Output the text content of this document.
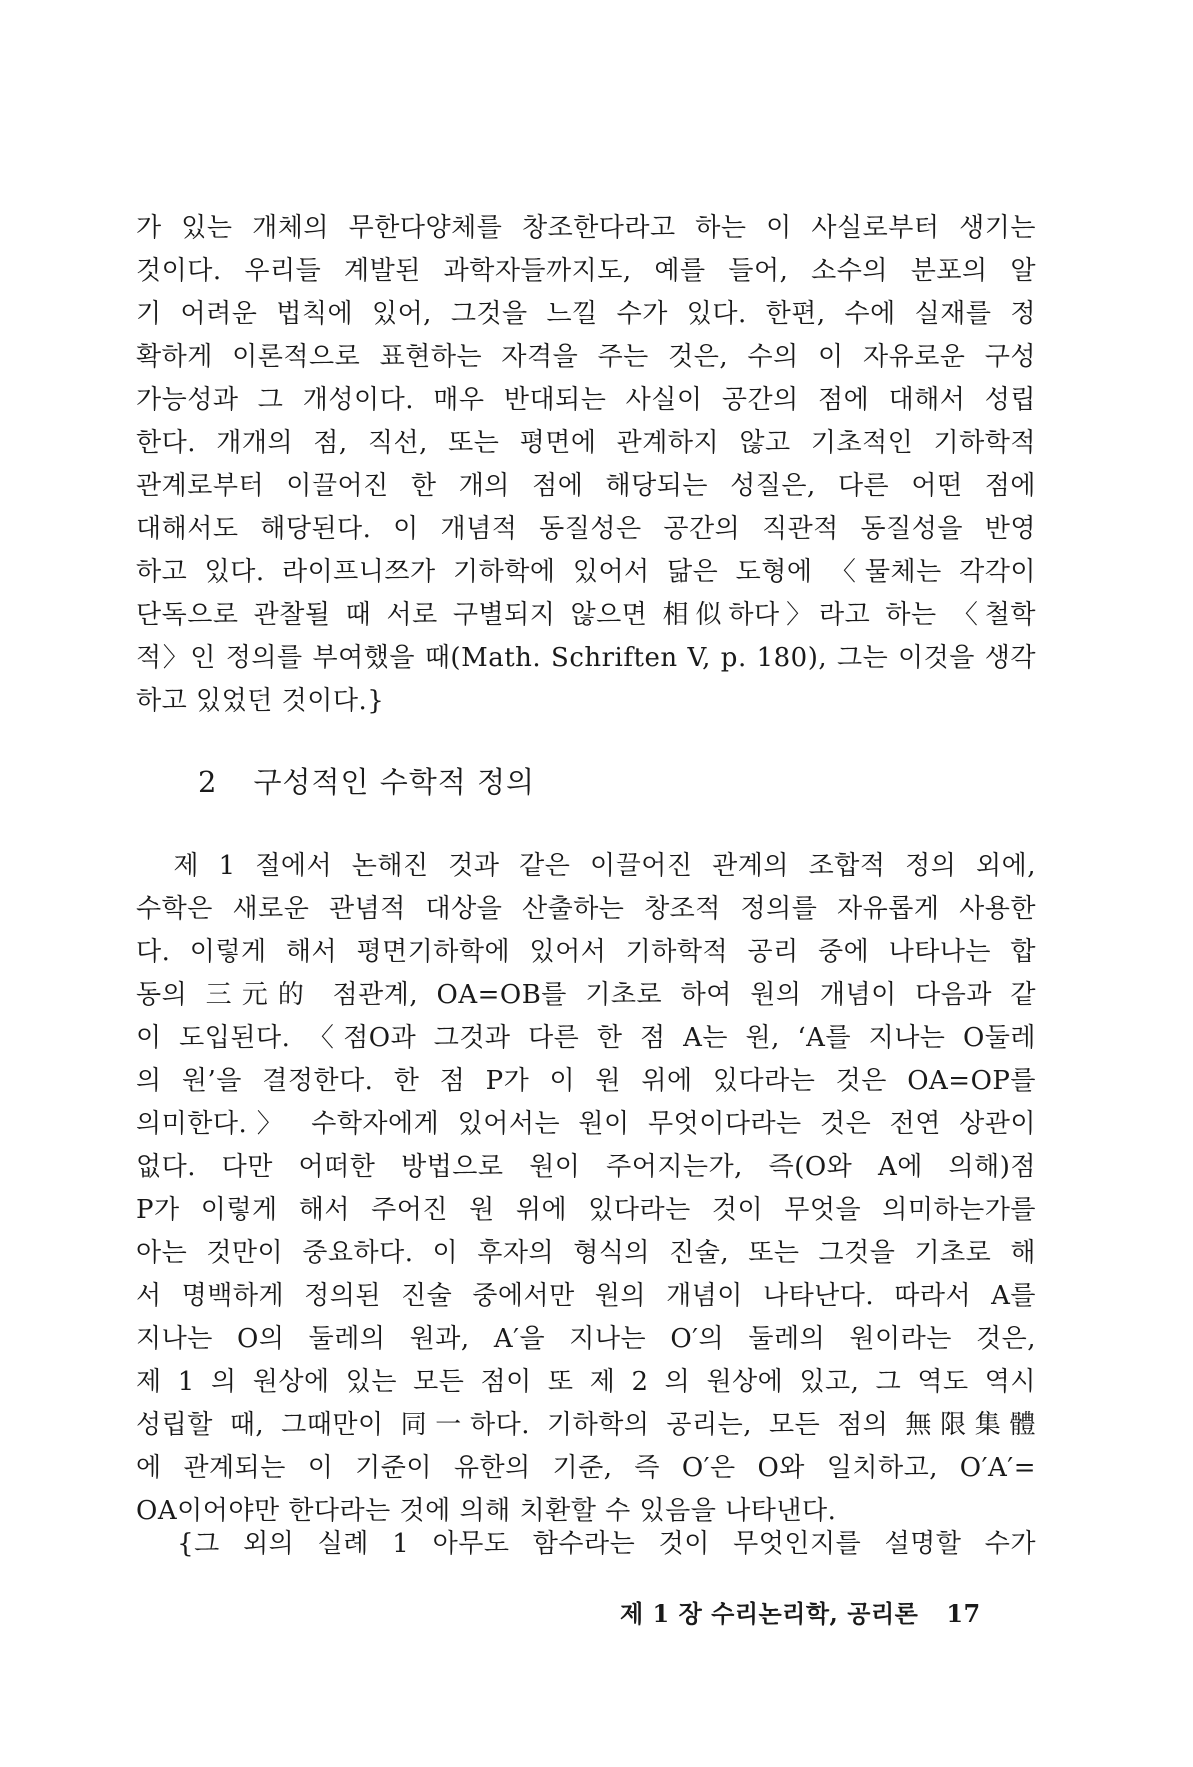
가 있는 개체의 무한다양체를 창조한다라고 하는 이 사실로부터 생기는
것이다. 우리들 계발된 과학자들까지도, 예를 들어, 소수의 분포의 알
기 어려운 법칙에 있어, 그것을 느낄 수가 있다. 한편, 수에 실재를 정
확하게 이론적으로 표현하는 자격을 주는 것은, 수의 이 자유로운 구성
가능성과 그 개성이다. 매우 반대되는 사실이 공간의 점에 대해서 성립
한다. 개개의 점, 직선, 또는 평면에 관계하지 않고 기초적인 기하학적
관계로부터 이끌어진 한 개의 점에 해당되는 성질은, 다른 어떤 점에
대해서도 해당된다. 이 개념적 동질성은 공간의 직관적 동질성을 반영
하고 있다. 라이프니쯔가 기하학에 있어서 닮은 도형에 〈물체는 각각이
단독으로 관찰될 때 서로 구별되지 않으면 相似하다〉라고 하는 〈철학
적〉인 정의를 부여했을 때(Math. Schriften V, p. 180), 그는 이것을 생각
하고 있었던 것이다.}
2 구성적인 수학적 정의
　제 1 절에서 논해진 것과 같은 이끌어진 관계의 조합적 정의 외에,
수학은 새로운 관념적 대상을 산출하는 창조적 정의를 자유롭게 사용한
다. 이렇게 해서 평면기하학에 있어서 기하학적 공리 중에 나타나는 합
동의 三元的 점관계, OA=OB를 기초로 하여 원의 개념이 다음과 같
이 도입된다. 〈점O과 그것과 다른 한 점 A는 원, ‘A를 지나는 O둘레
의 원’을 결정한다. 한 점 P가 이 원 위에 있다라는 것은 OA=OP를
의미한다.〉 수학자에게 있어서는 원이 무엇이다라는 것은 전연 상관이
없다. 다만 어떠한 방법으로 원이 주어지는가, 즉(O와 A에 의해)점
P가 이렇게 해서 주어진 원 위에 있다라는 것이 무엇을 의미하는가를
아는 것만이 중요하다. 이 후자의 형식의 진술, 또는 그것을 기초로 해
서 명백하게 정의된 진술 중에서만 원의 개념이 나타난다. 따라서 A를
지나는 O의 둘레의 원과, A′을 지나는 O′의 둘레의 원이라는 것은,
제 1 의 원상에 있는 모든 점이 또 제 2 의 원상에 있고, 그 역도 역시
성립할 때, 그때만이 同一하다. 기하학의 공리는, 모든 점의 無限集體
에 관계되는 이 기준이 유한의 기준, 즉 O′은 O와 일치하고, O′A′=
OA이어야만 한다라는 것에 의해 치환할 수 있음을 나타낸다.
　{그 외의 실례 1 아무도 함수라는 것이 무엇인지를 설명할 수가
제 1 장 수리논리학, 공리론 17
